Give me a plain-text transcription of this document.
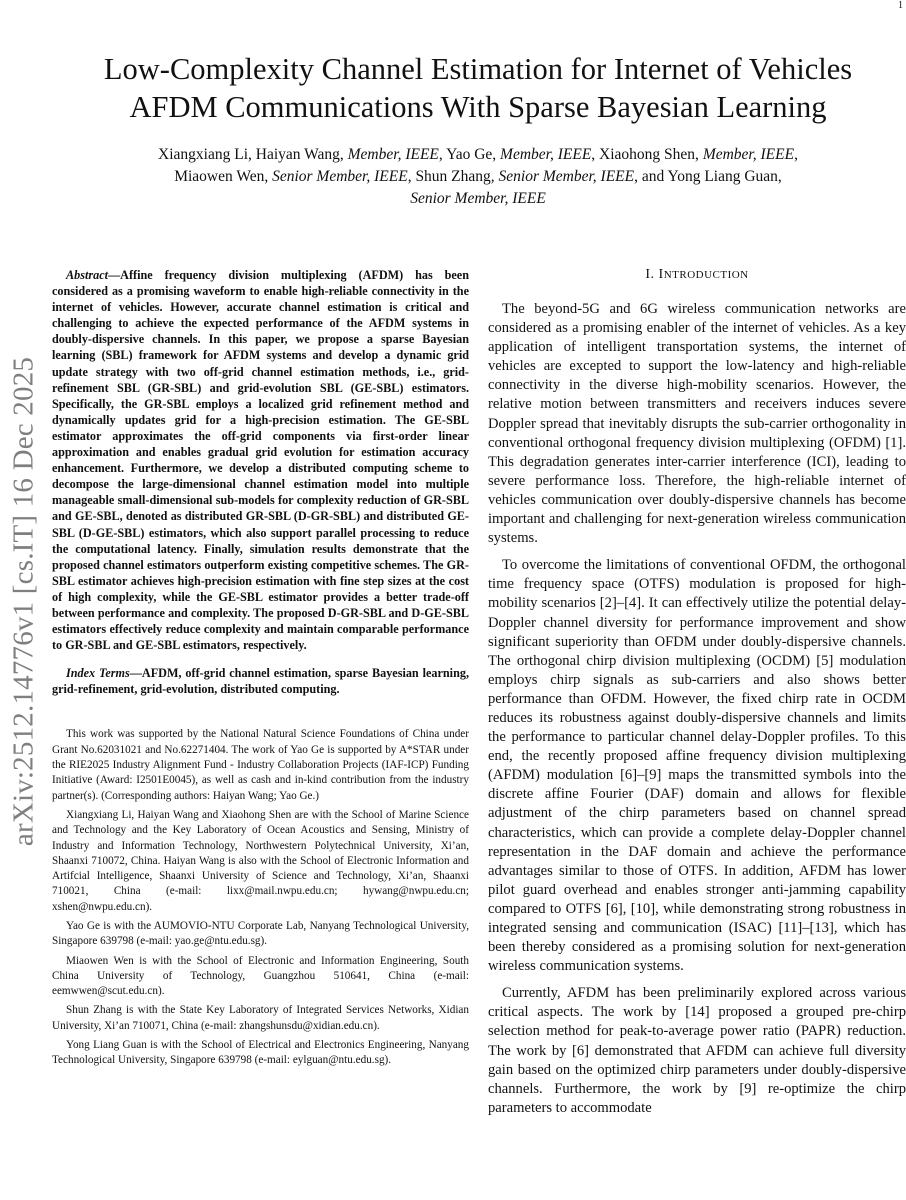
1
arXiv:2512.14776v1 [cs.IT] 16 Dec 2025
Low-Complexity Channel Estimation for Internet of Vehicles
AFDM Communications With Sparse Bayesian Learning
Xiangxiang Li, Haiyan Wang, Member, IEEE, Yao Ge, Member, IEEE, Xiaohong Shen, Member, IEEE,
Miaowen Wen, Senior Member, IEEE, Shun Zhang, Senior Member, IEEE, and Yong Liang Guan,
Senior Member, IEEE

Abstract—Affine frequency division multiplexing (AFDM) has been considered as a promising waveform to enable high-reliable connectivity in the internet of vehicles. However, accurate channel estimation is critical and challenging to achieve the expected performance of the AFDM systems in doubly-dispersive channels. In this paper, we propose a sparse Bayesian learning (SBL) framework for AFDM systems and develop a dynamic grid update strategy with two off-grid channel estimation methods, i.e., grid-refinement SBL (GR-SBL) and grid-evolution SBL (GE-SBL) estimators. Specifically, the GR-SBL employs a localized grid refinement method and dynamically updates grid for a high-precision estimation. The GE-SBL estimator approximates the off-grid components via first-order linear approximation and enables gradual grid evolution for estimation accuracy enhancement. Furthermore, we develop a distributed computing scheme to decompose the large-dimensional channel estimation model into multiple manageable small-dimensional sub-models for complexity reduction of GR-SBL and GE-SBL, denoted as distributed GR-SBL (D-GR-SBL) and distributed GE-SBL (D-GE-SBL) estimators, which also support parallel processing to reduce the computational latency. Finally, simulation results demonstrate that the proposed channel estimators outperform existing competitive schemes. The GR-SBL estimator achieves high-precision estimation with fine step sizes at the cost of high complexity, while the GE-SBL estimator provides a better trade-off between performance and complexity. The proposed D-GR-SBL and D-GE-SBL estimators effectively reduce complexity and maintain comparable performance to GR-SBL and GE-SBL estimators, respectively.

Index Terms—AFDM, off-grid channel estimation, sparse Bayesian learning, grid-refinement, grid-evolution, distributed computing.

This work was supported by the National Natural Science Foundations of China under Grant No.62031021 and No.62271404. The work of Yao Ge is supported by A*STAR under the RIE2025 Industry Alignment Fund - Industry Collaboration Projects (IAF-ICP) Funding Initiative (Award: I2501E0045), as well as cash and in-kind contribution from the industry partner(s). (Corresponding authors: Haiyan Wang; Yao Ge.)

Xiangxiang Li, Haiyan Wang and Xiaohong Shen are with the School of Marine Science and Technology and the Key Laboratory of Ocean Acoustics and Sensing, Ministry of Industry and Information Technology, Northwestern Polytechnical University, Xi’an, Shaanxi 710072, China. Haiyan Wang is also with the School of Electronic Information and Artifcial Intelligence, Shaanxi University of Science and Technology, Xi’an, Shaanxi 710021, China (e-mail: lixx@mail.nwpu.edu.cn; hywang@nwpu.edu.cn; xshen@nwpu.edu.cn).

Yao Ge is with the AUMOVIO-NTU Corporate Lab, Nanyang Technological University, Singapore 639798 (e-mail: yao.ge@ntu.edu.sg).

Miaowen Wen is with the School of Electronic and Information Engineering, South China University of Technology, Guangzhou 510641, China (e-mail: eemwwen@scut.edu.cn).

Shun Zhang is with the State Key Laboratory of Integrated Services Networks, Xidian University, Xi’an 710071, China (e-mail: zhangshunsdu@xidian.edu.cn).

Yong Liang Guan is with the School of Electrical and Electronics Engineering, Nanyang Technological University, Singapore 639798 (e-mail: eylguan@ntu.edu.sg).

I. INTRODUCTION

The beyond-5G and 6G wireless communication networks are considered as a promising enabler of the internet of vehicles. As a key application of intelligent transportation systems, the internet of vehicles are excepted to support the low-latency and high-reliable connectivity in the diverse high-mobility scenarios. However, the relative motion between transmitters and receivers induces severe Doppler spread that inevitably disrupts the sub-carrier orthogonality in conventional orthogonal frequency division multiplexing (OFDM) [1]. This degradation generates inter-carrier interference (ICI), leading to severe performance loss. Therefore, the high-reliable internet of vehicles communication over doubly-dispersive channels has become important and challenging for next-generation wireless communication systems.

To overcome the limitations of conventional OFDM, the orthogonal time frequency space (OTFS) modulation is proposed for high-mobility scenarios [2]–[4]. It can effectively utilize the potential delay-Doppler channel diversity for performance improvement and show significant superiority than OFDM under doubly-dispersive channels. The orthogonal chirp division multiplexing (OCDM) [5] modulation employs chirp signals as sub-carriers and also shows better performance than OFDM. However, the fixed chirp rate in OCDM reduces its robustness against doubly-dispersive channels and limits the performance to particular channel delay-Doppler profiles. To this end, the recently proposed affine frequency division multiplexing (AFDM) modulation [6]–[9] maps the transmitted symbols into the discrete affine Fourier (DAF) domain and allows for flexible adjustment of the chirp parameters based on channel spread characteristics, which can provide a complete delay-Doppler channel representation in the DAF domain and achieve the performance advantages similar to those of OTFS. In addition, AFDM has lower pilot guard overhead and enables stronger anti-jamming capability compared to OTFS [6], [10], while demonstrating strong robustness in integrated sensing and communication (ISAC) [11]–[13], which has been thereby considered as a promising solution for next-generation wireless communication systems.

Currently, AFDM has been preliminarily explored across various critical aspects. The work by [14] proposed a grouped pre-chirp selection method for peak-to-average power ratio (PAPR) reduction. The work by [6] demonstrated that AFDM can achieve full diversity gain based on the optimized chirp parameters under doubly-dispersive channels. Furthermore, the work by [9] re-optimize the chirp parameters to accommodate
